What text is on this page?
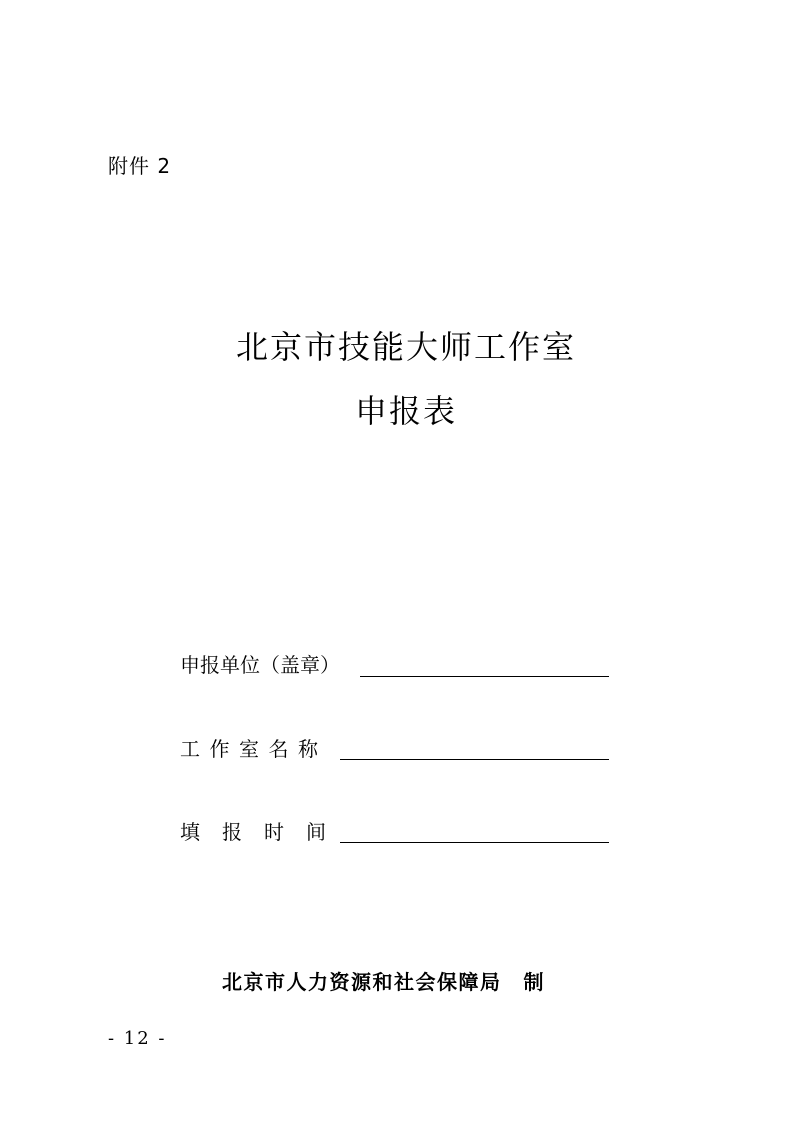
附件 2
北京市技能大师工作室
申报表
申报单位（盖章）
工作室名称
填报时间
北京市人力资源和社会保障局 制
- 12 -
